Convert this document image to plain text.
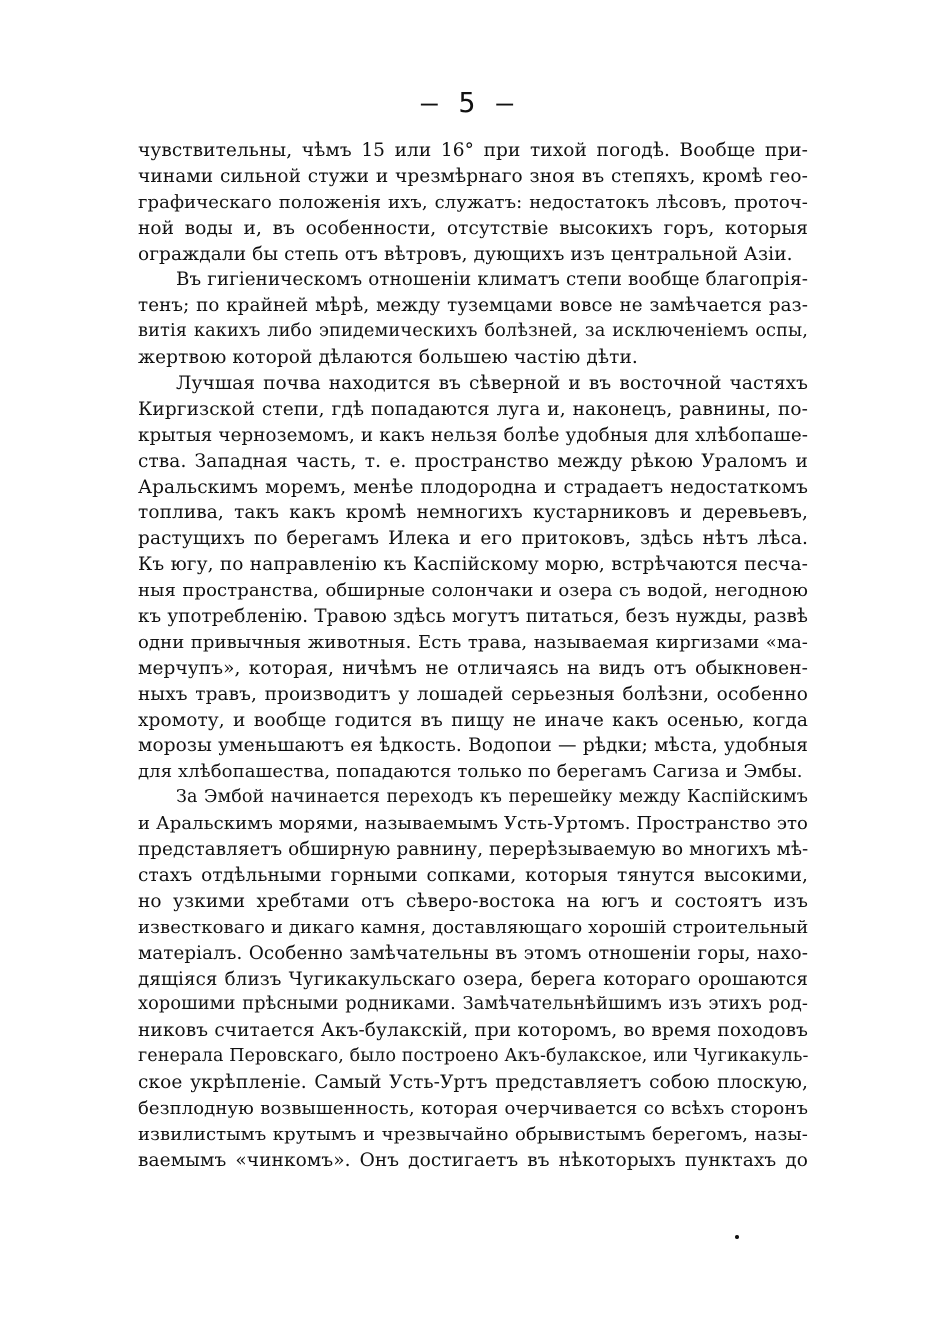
— 5 —
чувствительны, чѣмъ 15 или 16° при тихой погодѣ. Вообще при-
чинами сильной стужи и чрезмѣрнаго зноя въ степяхъ, кромѣ гео-
графическаго положенія ихъ, служатъ: недостатокъ лѣсовъ, проточ-
ной воды и, въ особенности, отсутствіе высокихъ горъ, которыя
ограждали бы степь отъ вѣтровъ, дующихъ изъ центральной Азіи.
Въ гигіеническомъ отношеніи климатъ степи вообще благопрія-
тенъ; по крайней мѣрѣ, между туземцами вовсе не замѣчается раз-
витія какихъ либо эпидемическихъ болѣзней, за исключеніемъ оспы,
жертвою которой дѣлаются большею частію дѣти.
Лучшая почва находится въ сѣверной и въ восточной частяхъ
Киргизской степи, гдѣ попадаются луга и, наконецъ, равнины, по-
крытыя черноземомъ, и какъ нельзя болѣе удобныя для хлѣбопаше-
ства. Западная часть, т. е. пространство между рѣкою Ураломъ и
Аральскимъ моремъ, менѣе плодородна и страдаетъ недостаткомъ
топлива, такъ какъ кромѣ немногихъ кустарниковъ и деревьевъ,
растущихъ по берегамъ Илека и его притоковъ, здѣсь нѣтъ лѣса.
Къ югу, по направленію къ Каспійскому морю, встрѣчаются песча-
ныя пространства, обширные солончаки и озера съ водой, негодною
къ употребленію. Травою здѣсь могутъ питаться, безъ нужды, развѣ
одни привычныя животныя. Есть трава, называемая киргизами «ма-
мерчупъ», которая, ничѣмъ не отличаясь на видъ отъ обыкновен-
ныхъ травъ, производитъ у лошадей серьезныя болѣзни, особенно
хромоту, и вообще годится въ пищу не иначе какъ осенью, когда
морозы уменьшаютъ ея ѣдкость. Водопои — рѣдки; мѣста, удобныя
для хлѣбопашества, попадаются только по берегамъ Сагиза и Эмбы.
За Эмбой начинается переходъ къ перешейку между Каспійскимъ
и Аральскимъ морями, называемымъ Усть-Уртомъ. Пространство это
представляетъ обширную равнину, перерѣзываемую во многихъ мѣ-
стахъ отдѣльными горными сопками, которыя тянутся высокими,
но узкими хребтами отъ сѣверо-востока на югъ и состоятъ изъ
известковаго и дикаго камня, доставляющаго хорошій строительный
матеріалъ. Особенно замѣчательны въ этомъ отношеніи горы, нахо-
дящіяся близъ Чугикакульскаго озера, берега котораго орошаются
хорошими прѣсными родниками. Замѣчательнѣйшимъ изъ этихъ род-
никовъ считается Акъ-булакскій, при которомъ, во время походовъ
генерала Перовскаго, было построено Акъ-булакское, или Чугикакуль-
ское укрѣпленіе. Самый Усть-Уртъ представляетъ собою плоскую,
безплодную возвышенность, которая очерчивается со всѣхъ сторонъ
извилистымъ крутымъ и чрезвычайно обрывистымъ берегомъ, назы-
ваемымъ «чинкомъ». Онъ достигаетъ въ нѣкоторыхъ пунктахъ до
